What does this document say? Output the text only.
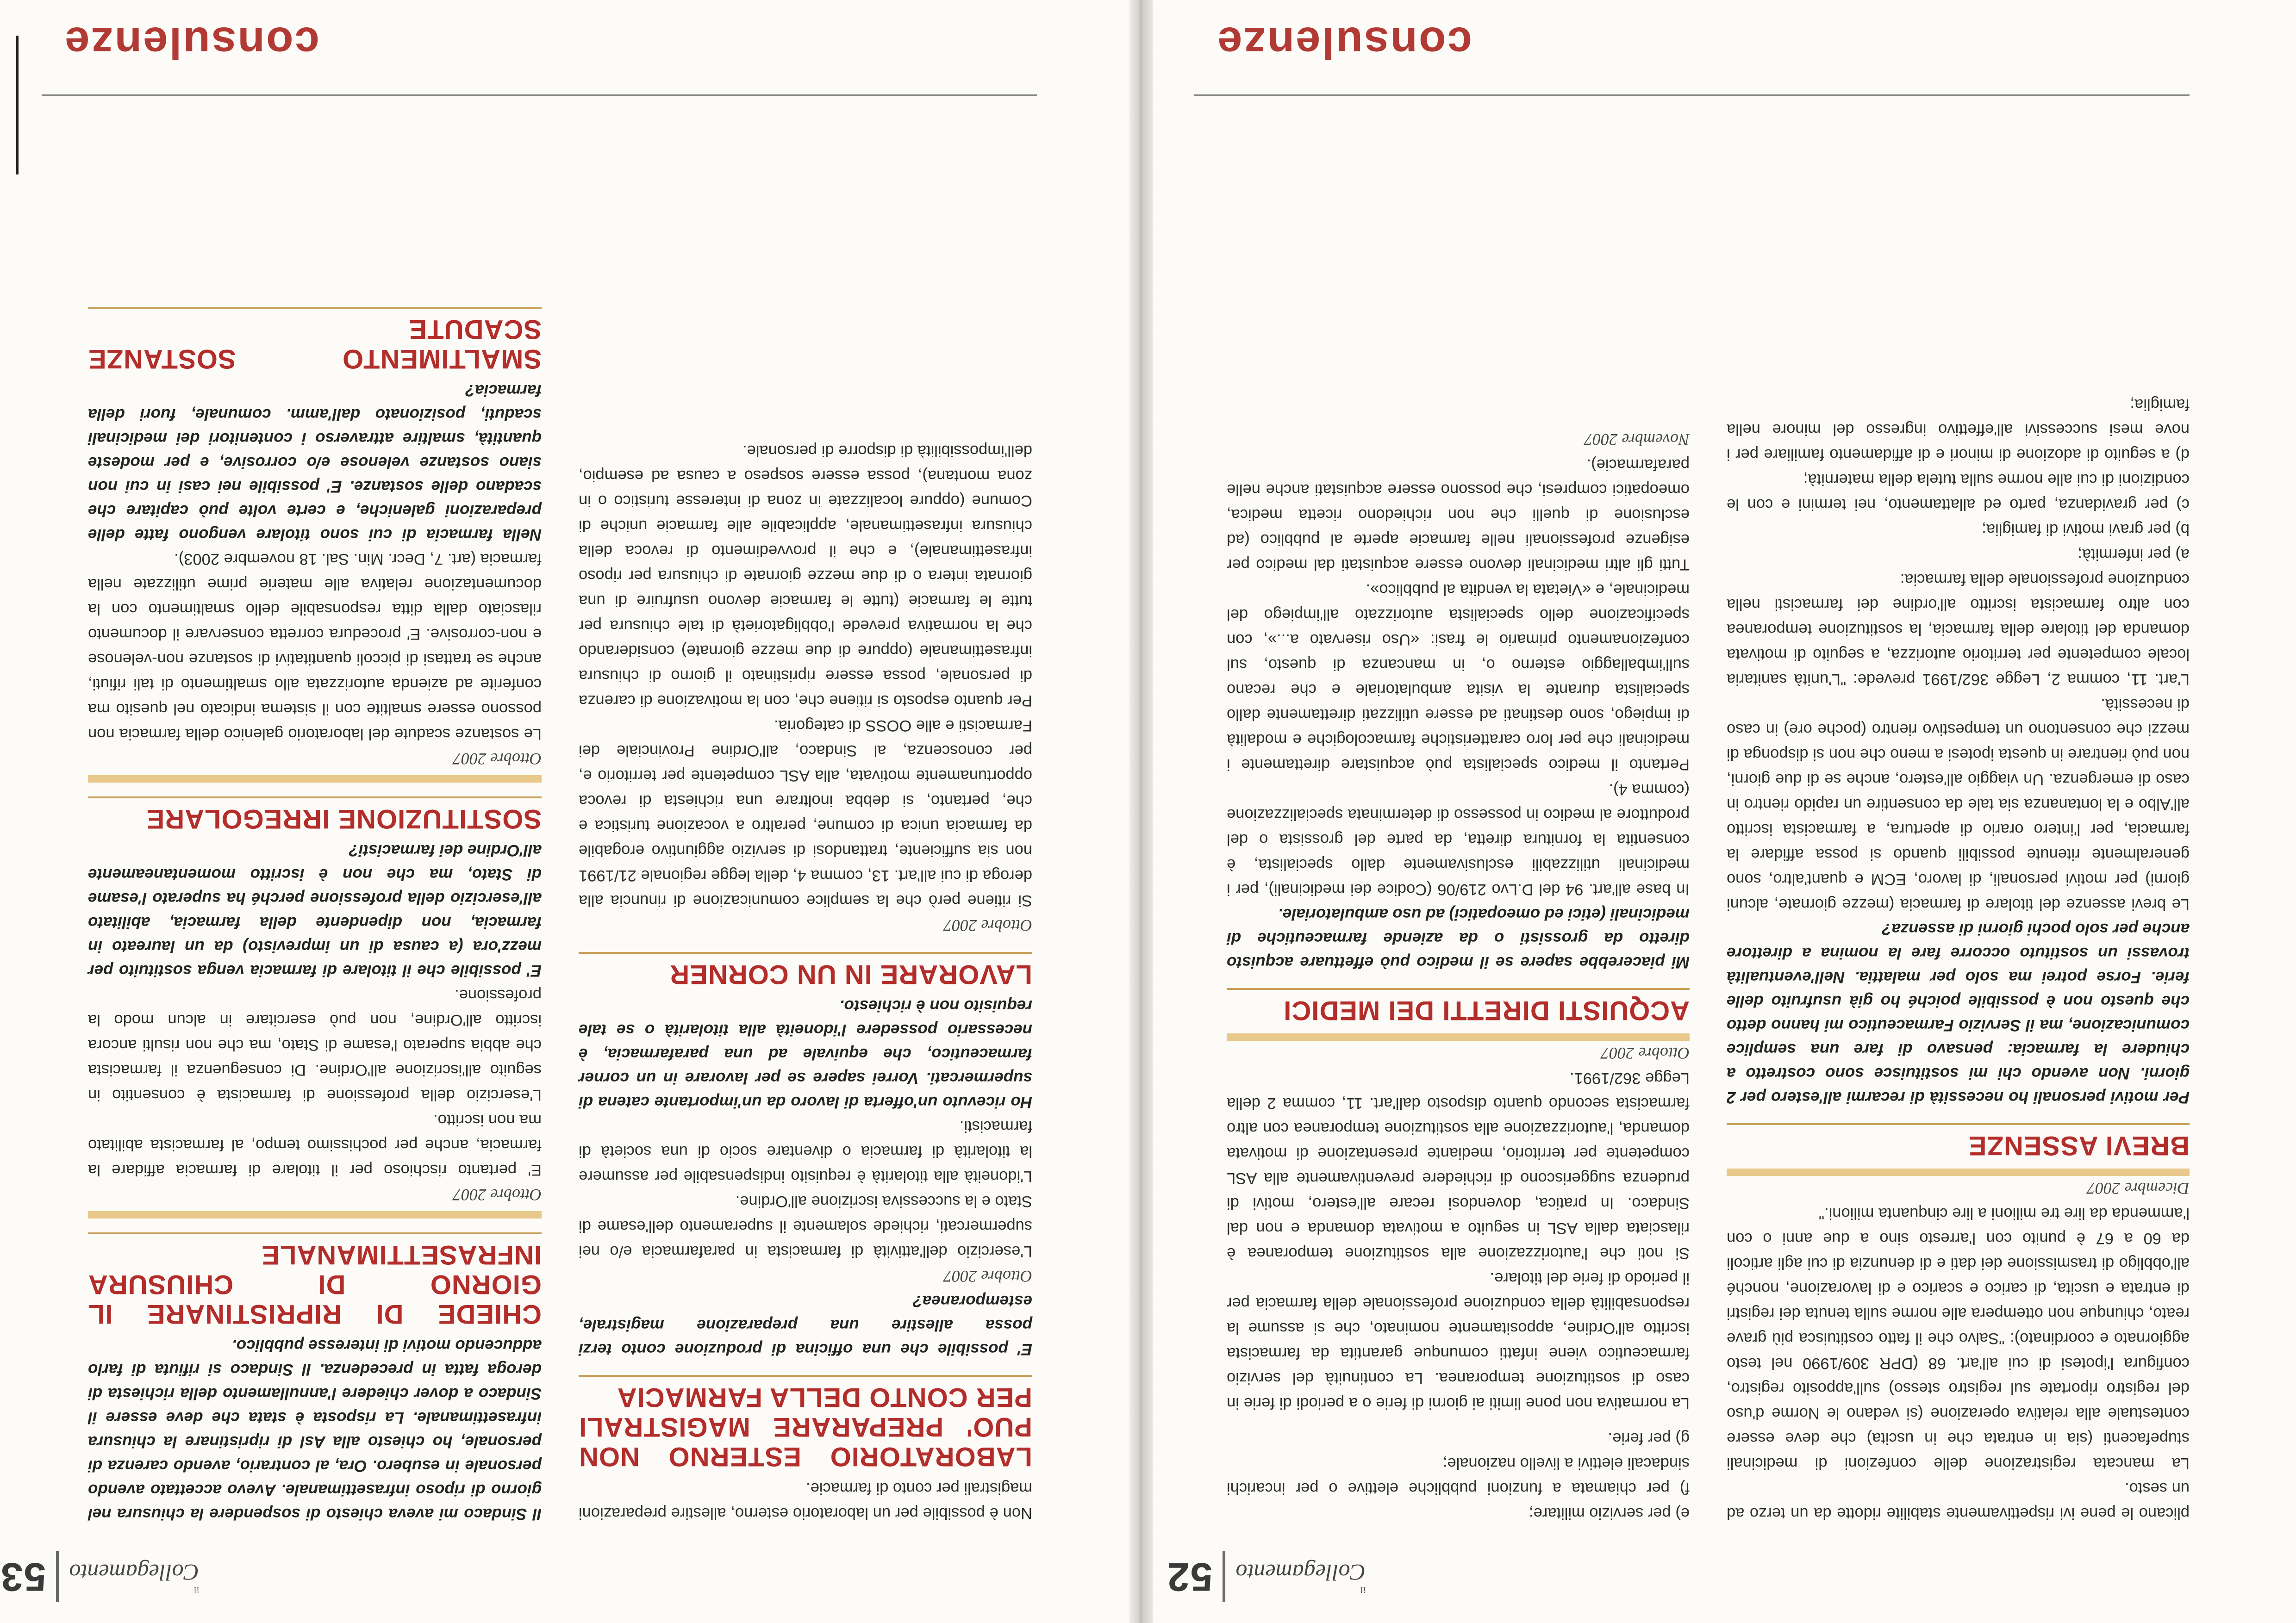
il
Collegamento
52

plicano le pene ivi rispettivamente stabilite ridotte da un terzo ad un sesto.

La mancata registrazione delle confezioni di medicinali stupefacenti (sia in entrata che in uscita) che deve essere contestuale alla relativa operazione (si vedano le Norme d'uso del registro riportate sul registro stesso) sull'apposito registro, configura l'ipotesi di cui all'art. 68 (DPR 309/1990 nel testo aggiornato e coordinato): "Salvo che il fatto costituisca più grave reato, chiunque non ottempera alle norme sulla tenuta dei registri di entrata e uscita, di carico e scarico e di lavorazione, nonché all'obbligo di trasmissione dei dati e di denunzia di cui agli articoli da 60 a 67 è punito con l'arresto sino a due anni o con l'ammenda da lire tre milioni a lire cinquanta milioni."

Dicembre 2007

BREVI ASSENZE

Per motivi personali ho necessità di recarmi all'estero per 2 giorni. Non avendo chi mi sostituisce sono costretto a chiudere la farmacia: pensavo di fare una semplice comunicazione, ma il Servizio Farmaceutico mi hanno detto che questo non è possibile poiché ho già usufruito delle ferie. Forse potrei ma solo per malattia. Nell'eventualità trovassi un sostituto occorre fare la nomina a direttore anche per solo pochi giorni di assenza?

Le brevi assenze del titolare di farmacia (mezze giornate, alcuni giorni) per motivi personali, di lavoro, ECM e quant'altro, sono generalmente ritenute possibili quando si possa affidare la farmacia, per l'intero orario di apertura, a farmacista iscritto all'Albo e la lontananza sia tale da consentire un rapido rientro in caso di emergenza. Un viaggio all'estero, anche se di due giorni, non può rientrare in questa ipotesi a meno che non si disponga di mezzi che consentono un tempestivo rientro (poche ore) in caso di necessità.

L'art. 11, comma 2, Legge 362/1991 prevede: "L'unità sanitaria locale competente per territorio autorizza, a seguito di motivata domanda del titolare della farmacia, la sostituzione temporanea con altro farmacista iscritto all'ordine dei farmacisti nella conduzione professionale della farmacia:

a) per infermità;
b) per gravi motivi di famiglia;
c) per gravidanza, parto ed allattamento, nei termini e con le condizioni di cui alle norme sulla tutela della maternità;
d) a seguito di adozione di minori e di affidamento familiare per i nove mesi successivi all'effettivo ingresso del minore nella famiglia;
e) per servizio militare;
f) per chiamata a funzioni pubbliche elettive o per incarichi sindacali elettivi a livello nazionale;
g) per ferie.

La normativa non pone limiti ai giorni di ferie o a periodi di ferie in caso di sostituzione temporanea. La continuità del servizio farmaceutico viene infatti comunque garantita da farmacista iscritto all'Ordine, appositamente nominato, che si assume la responsabilità della conduzione professionale della farmacia per il periodo di ferie del titolare.

Si noti che l'autorizzazione alla sostituzione temporanea è rilasciata dalla ASL in seguito a motivata domanda e non dal Sindaco. In pratica, dovendosi recare all'estero, motivi di prudenza suggeriscono di richiedere preventivamente alla ASL competente per territorio, mediante presentazione di motivata domanda, l'autorizzazione alla sostituzione temporanea con altro farmacista secondo quanto disposto dall'art. 11, comma 2 della Legge 362/1991.

Ottobre 2007

ACQUISTI DIRETTI DEI MEDICI

Mi piacerebbe sapere se il medico può effettuare acquisto diretto da grossisti o da aziende farmaceutiche di medicinali (etici ed omeopatici) ad uso ambulatoriale.

In base all'art. 94 del D.Lvo 219/06 (Codice dei medicinali), per i medicinali utilizzabili esclusivamente dallo specialista, è consentita la fornitura diretta, da parte del grossista o del produttore al medico in possesso di determinata specializzazione (comma 4).

Pertanto il medico specialista può acquistare direttamente i medicinali che per loro caratteristiche farmacologiche e modalità di impiego, sono destinati ad essere utilizzati direttamente dallo specialista durante la visita ambulatoriale e che recano sull'imballaggio esterno o, in mancanza di questo, sul confezionamento primario le frasi: «Uso riservato a...», con specificazione dello specialista autorizzato all'impiego del medicinale, e «Vietata la vendita al pubblico».

Tutti gli altri medicinali devono essere acquistati dal medico per esigenze professionali nelle farmacie aperte al pubblico (ad esclusione di quelli che non richiedono ricetta medica, omeopatici compresi, che possono essere acquistati anche nelle parafarmacie).

Novembre 2007

consulenze
il
Collegamento
53

Non è possibile per un laboratorio esterno, allestire preparazioni magistrali per conto di farmacie.

LABORATORIO ESTERNO NON PUO' PREPARARE MAGISTRALI PER CONTO DELLA FARMACIA

E' possibile che una officina di produzione conto terzi possa allestire una preparazione magistrale, estemporanea?

Ottobre 2007

L'esercizio dell'attività di farmacista in parafarmacia e/o nei supermercati, richiede solamente il superamento dell'esame di Stato e la successiva iscrizione all'Ordine.

L'idoneità alla titolarità è requisito indispensabile per assumere la titolarità di farmacia o diventare socio di una società di farmacisti.

Ho ricevuto un'offerta di lavoro da un'importante catena di supermercati. Vorrei sapere se per lavorare in un corner farmaceutico, che equivale ad una parafarmacia, è necessario possedere l'idoneità alla titolarità o se tale requisito non è richiesto.

LAVORARE IN UN CORNER

Ottobre 2007

Si ritiene però che la semplice comunicazione di rinuncia alla deroga di cui all'art. 13, comma 4, della legge regionale 21/1991 non sia sufficiente, trattandosi di servizio aggiuntivo erogabile da farmacia unica di comune, peraltro a vocazione turistica e che, pertanto, si debba inoltrare una richiesta di revoca opportunamente motivata, alla ASL competente per territorio e, per conoscenza, al Sindaco, all'Ordine Provinciale dei Farmacisti e alle OOSS di categoria.

Per quanto esposto si ritiene che, con la motivazione di carenza di personale, possa essere ripristinato il giorno di chiusura infrasettimanale (oppure di due mezze giornate) considerando che la normativa prevede l'obbligatorietà di tale chiusura per tutte le farmacie (tutte le farmacie devono usufruire di una giornata intera o di due mezze giornate di chiusura per riposo infrasettimanale), e che il provvedimento di revoca della chiusura infrasettimanale, applicabile alle farmacie uniche di Comune (oppure localizzate in zona di interesse turistico o in zona montana), possa essere sospeso a causa ad esempio, dell'impossibilità di disporre di personale.

Il Sindaco mi aveva chiesto di sospendere la chiusura nel giorno di riposo infrasettimanale. Avevo accettato avendo personale in esubero. Ora, al contrario, avendo carenza di personale, ho chiesto alla Asl di ripristinare la chiusura infrasettimanale. La risposta è stata che deve essere il Sindaco a dover chiedere l'annullamento della richiesta di deroga fatta in precedenza. Il Sindaco si rifiuta di farlo adducendo motivi di interesse pubblico.

CHIEDE DI RIPRISTINARE IL GIORNO DI CHIUSURA INFRASETTIMANALE

Ottobre 2007

E' pertanto rischioso per il titolare di farmacia affidare la farmacia, anche per pochissimo tempo, al farmacista abilitato ma non iscritto.

L'esercizio della professione di farmacista è consentito in seguito all'iscrizione all'Ordine. Di conseguenza il farmacista che abbia superato l'esame di Stato, ma che non risulti ancora iscritto all'Ordine, non può esercitare in alcun modo la professione.

E' possibile che il titolare di farmacia venga sostituito per mezz'ora (a causa di un imprevisto) da un laureato in farmacia, non dipendente della farmacia, abilitato all'esercizio della professione perché ha superato l'esame di Stato, ma che non è iscritto momentaneamente all'Ordine dei farmacisti?

SOSTITUZIONE IRREGOLARE

Ottobre 2007

Le sostanze scadute del laboratorio galenico della farmacia non possono essere smaltite con il sistema indicato nel quesito ma conferite ad azienda autorizzata allo smaltimento di tali rifiuti, anche se trattasi di piccoli quantitativi di sostanze non-velenose e non-corrosive. E' procedura corretta conservare il documento rilasciato dalla ditta responsabile dello smaltimento con la documentazione relativa alle materie prime utilizzate nella farmacia (art. 7, Decr. Min. Sal. 18 novembre 2003).

Nella farmacia di cui sono titolare vengono fatte delle preparazioni galeniche, e certe volte può capitare che scadano delle sostanze. E' possibile nei casi in cui non siano sostanze velenose e/o corrosive, e per modeste quantità, smaltire attraverso i contenitori dei medicinali scaduti, posizionato dall'amm. comunale, fuori della farmacia?

SMALTIMENTO SOSTANZE SCADUTE
consulenze
